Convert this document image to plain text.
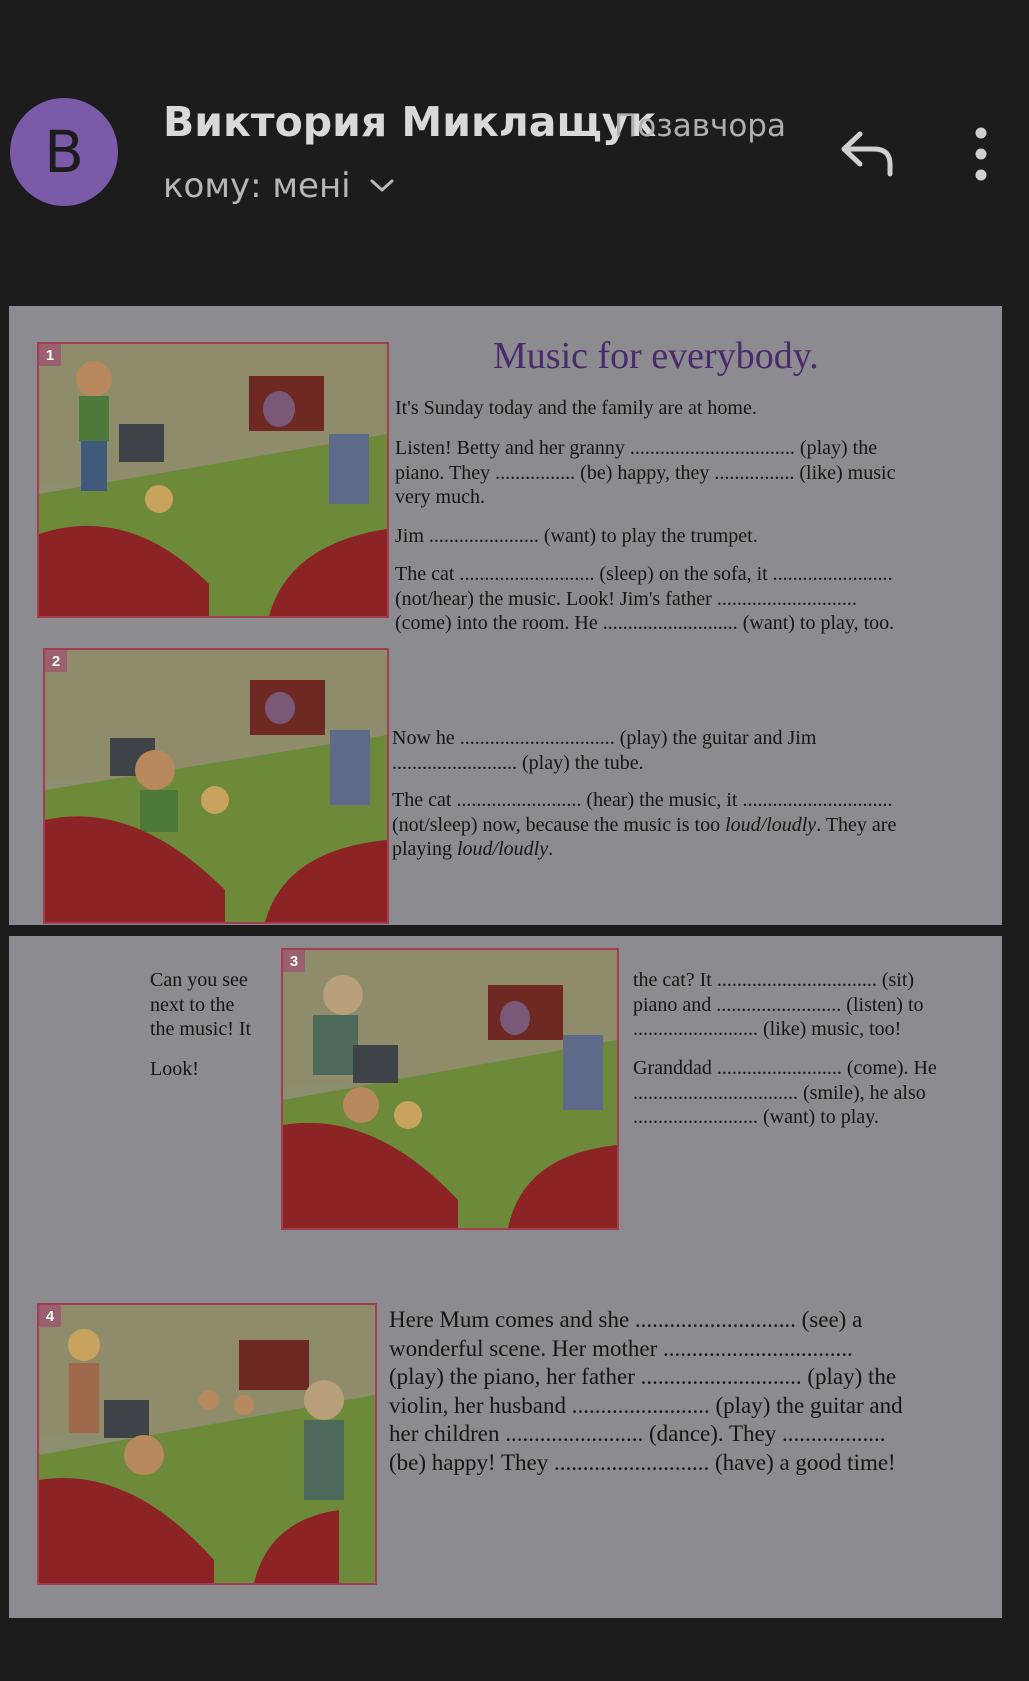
B Виктория Миклащук
Позавчора
кому: мені
1	Music for everybody.
It's Sunday today and the family are at home.
Listen! Betty and her granny ................................. (play) the
piano. They ................ (be) happy, they ................ (like) music
very much.
Jim ...................... (want) to play the trumpet.
The cat ........................... (sleep) on the sofa, it ........................
(not/hear) the music. Look! Jim's father ............................
(come) into the room. He ........................... (want) to play, too.
2
Now he ............................... (play) the guitar and Jim
......................... (play) the tube.
The cat ......................... (hear) the music, it ..............................
(not/sleep) now, because the music is too loud/loudly. They are
playing loud/loudly.
Can you see
next to the
the music! It
Look!
3
the cat? It ................................ (sit)
piano and ......................... (listen) to
......................... (like) music, too!
Granddad ......................... (come). He
................................. (smile), he also
......................... (want) to play.
4	Here Mum comes and she ............................ (see) a
wonderful scene. Her mother .................................
(play) the piano, her father ............................ (play) the
violin, her husband ........................ (play) the guitar and
her children ........................ (dance). They ..................
(be) happy! They ........................... (have) a good time!
